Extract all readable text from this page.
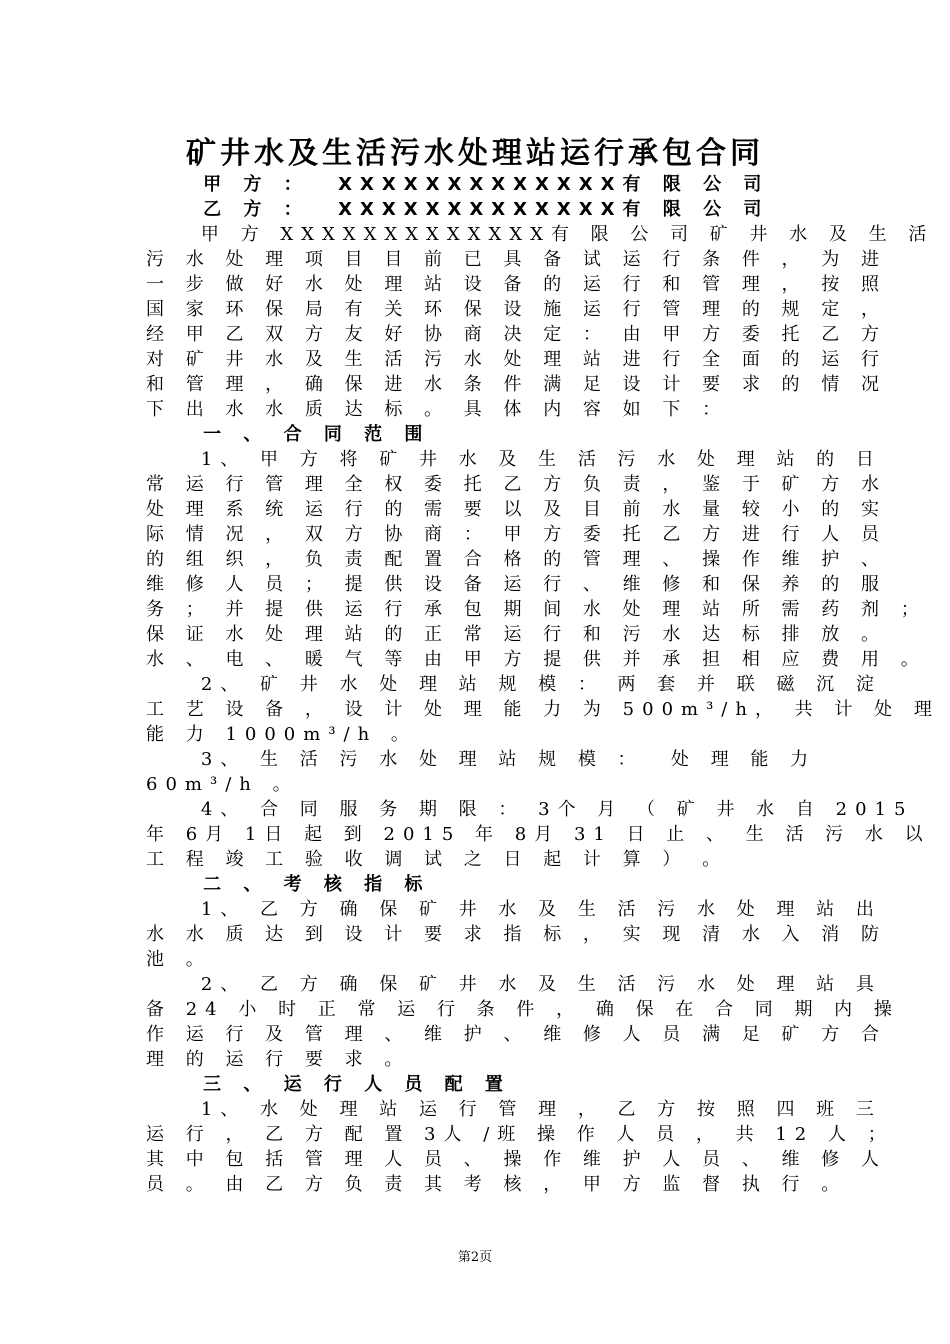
矿井水及生活污水处理站运行承包合同
甲 方 ：  XXXXXXXXXXXXX有 限 公 司
乙 方 ：  XXXXXXXXXXXXX有 限 公 司
甲 方 XXXXXXXXXXXXX有 限 公 司 矿 井 水 及 生 活
污 水 处 理 项 目 目 前 已 具 备 试 运 行 条 件 ， 为 进
一 步 做 好 水 处 理 站 设 备 的 运 行 和 管 理 ， 按 照
国 家 环 保 局 有 关 环 保 设 施 运 行 管 理 的 规 定 ，
经 甲 乙 双 方 友 好 协 商 决 定 ： 由 甲 方 委 托 乙 方
对 矿 井 水 及 生 活 污 水 处 理 站 进 行 全 面 的 运 行
和 管 理 ， 确 保 进 水 条 件 满 足 设 计 要 求 的 情 况
下 出 水 水 质 达 标 。 具 体 内 容 如 下 ：
一 、 合 同 范 围
1、 甲 方 将 矿 井 水 及 生 活 污 水 处 理 站 的 日
常 运 行 管 理 全 权 委 托 乙 方 负 责 ， 鉴 于 矿 方 水
处 理 系 统 运 行 的 需 要 以 及 目 前 水 量 较 小 的 实
际 情 况 ， 双 方 协 商 ： 甲 方 委 托 乙 方 进 行 人 员
的 组 织 ， 负 责 配 置 合 格 的 管 理 、 操 作 维 护 、
维 修 人 员 ； 提 供 设 备 运 行 、 维 修 和 保 养 的 服
务 ； 并 提 供 运 行 承 包 期 间 水 处 理 站 所 需 药 剂 ；
保 证 水 处 理 站 的 正 常 运 行 和 污 水 达 标 排 放 。
水 、 电 、 暖 气 等 由 甲 方 提 供 并 承 担 相 应 费 用 。
2、 矿 井 水 处 理 站 规 模 ： 两 套 并 联 磁 沉 淀
工 艺 设 备 ， 设 计 处 理 能 力 为 500m³/h， 共 计 处 理
能 力 1000m³/h 。
3、 生 活 污 水 处 理 站 规 模 ：  处 理 能 力
60m³/h 。
4、 合 同 服 务 期 限 ： 3个 月 （ 矿 井 水 自 2015
年 6月 1日 起 到 2015 年 8月 31 日 止 、 生 活 污 水 以
工 程 竣 工 验 收 调 试 之 日 起 计 算 ） 。
二 、 考 核 指 标
1、 乙 方 确 保 矿 井 水 及 生 活 污 水 处 理 站 出
水 水 质 达 到 设 计 要 求 指 标 ， 实 现 清 水 入 消 防
池 。
2、 乙 方 确 保 矿 井 水 及 生 活 污 水 处 理 站 具
备 24 小 时 正 常 运 行 条 件 ， 确 保 在 合 同 期 内 操
作 运 行 及 管 理 、 维 护 、 维 修 人 员 满 足 矿 方 合
理 的 运 行 要 求 。
三 、 运 行 人 员 配 置
1、 水 处 理 站 运 行 管 理 ， 乙 方 按 照 四 班 三
运 行 ， 乙 方 配 置 3人 /班 操 作 人 员 ， 共 12 人 ；
其 中 包 括 管 理 人 员 、 操 作 维 护 人 员 、 维 修 人
员 。 由 乙 方 负 责 其 考 核 ， 甲 方 监 督 执 行 。
第2页
